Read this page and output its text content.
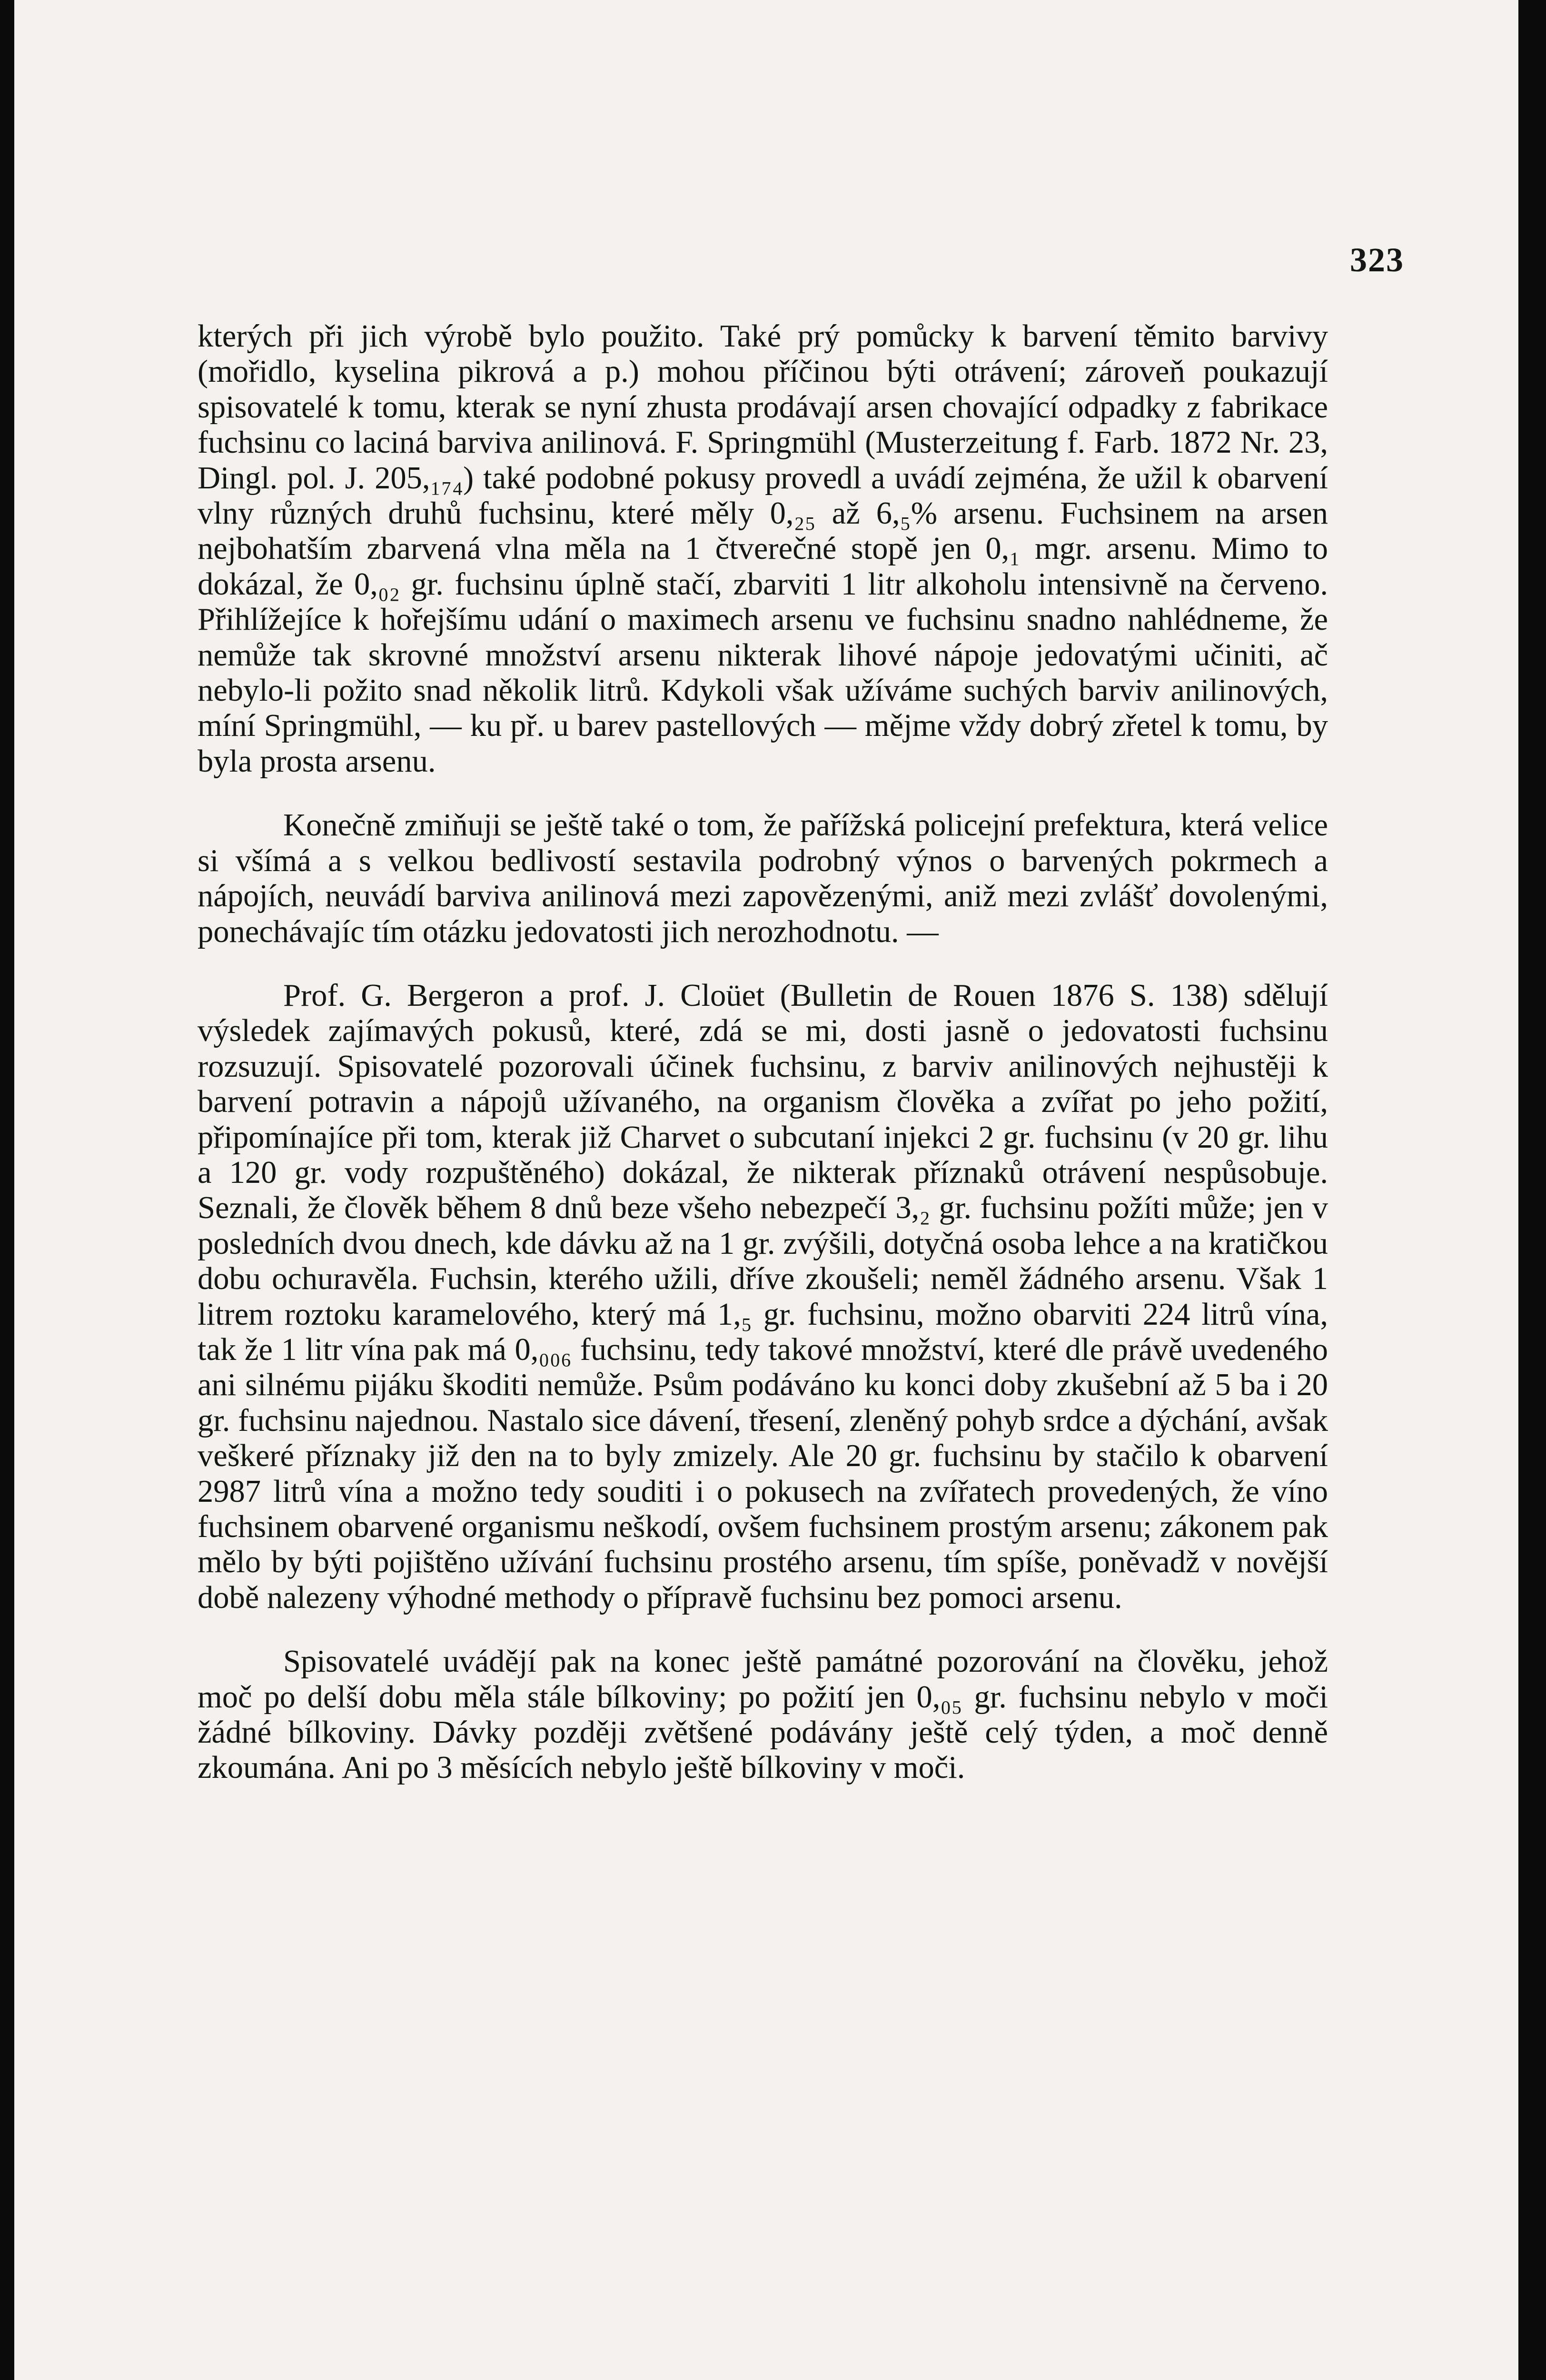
323

kterých při jich výrobě bylo použito. Také prý pomůcky k barvení těmito barvivy (mořidlo, kyselina pikrová a p.) mohou příčinou býti otrávení; zároveň poukazují spisovatelé k tomu, kterak se nyní zhusta prodávají arsen chovající odpadky z fabrikace fuchsinu co laciná barviva anilinová. F. Springmühl (Musterzeitung f. Farb. 1872 Nr. 23, Dingl. pol. J. 205,₁₇₄) také podobné pokusy provedl a uvádí zejména, že užil k obarvení vlny různých druhů fuchsinu, které měly 0,₂₅ až 6,₅% arsenu. Fuchsinem na arsen nejbohatším zbarvená vlna měla na 1 čtverečné stopě jen 0,₁ mgr. arsenu. Mimo to dokázal, že 0,₀₂ gr. fuchsinu úplně stačí, zbarviti 1 litr alkoholu intensivně na červeno. Přihlížejíce k hořejšímu udání o maximech arsenu ve fuchsinu snadno nahlédneme, že nemůže tak skrovné množství arsenu nikterak lihové nápoje jedovatými učiniti, ač nebylo-li požito snad několik litrů. Kdykoli však užíváme suchých barviv anilinových, míní Springmühl, — ku př. u barev pastellových — mějme vždy dobrý zřetel k tomu, by byla prosta arsenu.

Konečně zmiňuji se ještě také o tom, že pařížská policejní prefektura, která velice si všímá a s velkou bedlivostí sestavila podrobný výnos o barvených pokrmech a nápojích, neuvádí barviva anilinová mezi zapovězenými, aniž mezi zvlášť dovolenými, ponechávajíc tím otázku jedovatosti jich nerozhodnotu. —

Prof. G. Bergeron a prof. J. Cloüet (Bulletin de Rouen 1876 S. 138) sdělují výsledek zajímavých pokusů, které, zdá se mi, dosti jasně o jedovatosti fuchsinu rozsuzují. Spisovatelé pozorovali účinek fuchsinu, z barviv anilinových nejhustěji k barvení potravin a nápojů užívaného, na organism člověka a zvířat po jeho požití, připomínajíce při tom, kterak již Charvet o subcutaní injekci 2 gr. fuchsinu (v 20 gr. lihu a 120 gr. vody rozpuštěného) dokázal, že nikterak příznaků otrávení nespůsobuje. Seznali, že člověk během 8 dnů beze všeho nebezpečí 3,₂ gr. fuchsinu požíti může; jen v posledních dvou dnech, kde dávku až na 1 gr. zvýšili, dotyčná osoba lehce a na kratičkou dobu ochuravěla. Fuchsin, kterého užili, dříve zkoušeli; neměl žádného arsenu. Však 1 litrem roztoku karamelového, který má 1,₅ gr. fuchsinu, možno obarviti 224 litrů vína, tak že 1 litr vína pak má 0,₀₀₆ fuchsinu, tedy takové množství, které dle právě uvedeného ani silnému pijáku škoditi nemůže. Psům podáváno ku konci doby zkušební až 5 ba i 20 gr. fuchsinu najednou. Nastalo sice dávení, třesení, zleněný pohyb srdce a dýchání, avšak veškeré příznaky již den na to byly zmizely. Ale 20 gr. fuchsinu by stačilo k obarvení 2987 litrů vína a možno tedy souditi i o pokusech na zvířatech provedených, že víno fuchsinem obarvené organismu neškodí, ovšem fuchsinem prostým arsenu; zákonem pak mělo by býti pojištěno užívání fuchsinu prostého arsenu, tím spíše, poněvadž v novější době nalezeny výhodné methody o přípravě fuchsinu bez pomoci arsenu.

Spisovatelé uvádějí pak na konec ještě památné pozorování na člověku, jehož moč po delší dobu měla stále bílkoviny; po požití jen 0,₀₅ gr. fuchsinu nebylo v moči žádné bílkoviny. Dávky později zvětšené podávány ještě celý týden, a moč denně zkoumána. Ani po 3 měsících nebylo ještě bílkoviny v moči.
